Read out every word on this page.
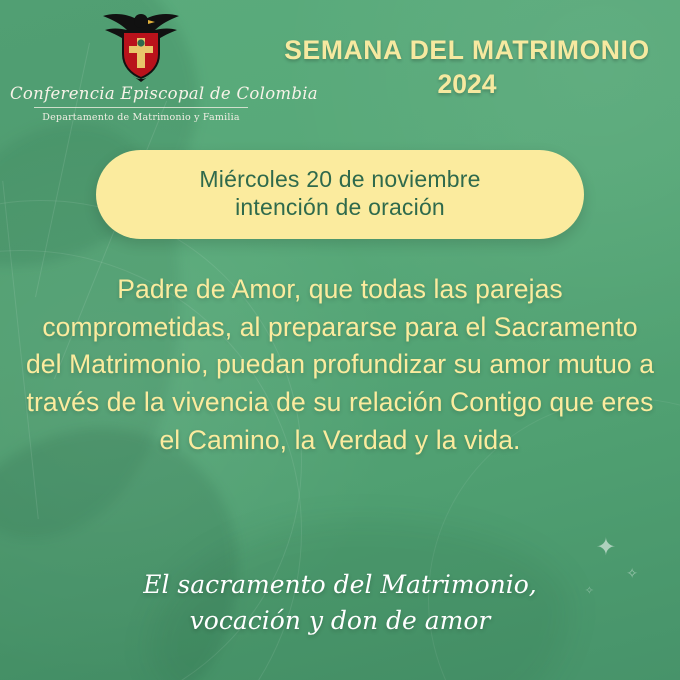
✦
✧
✧
Conferencia Episcopal de Colombia
Departamento de Matrimonio y Familia
SEMANA DEL MATRIMONIO
2024
Miércoles 20 de noviembre
intención de oración
Padre de Amor, que todas las parejas comprometidas, al prepararse para el Sacramento del Matrimonio, puedan profundizar su amor mutuo a través de la vivencia de su relación Contigo que eres el Camino, la Verdad y la vida.
El sacramento del Matrimonio,
vocación y don de amor
